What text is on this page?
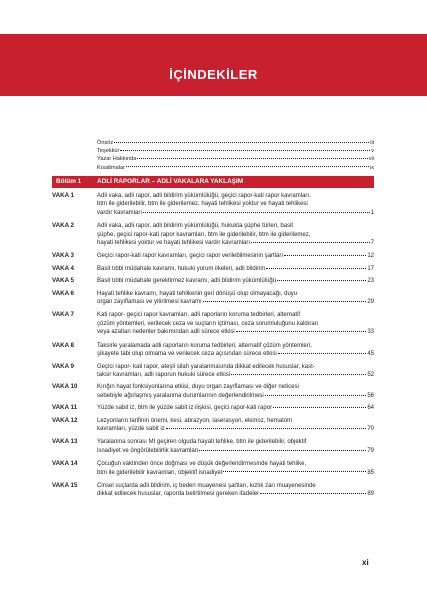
İÇİNDEKİLER
Önsöz	iii
Teşekkür	v
Yazar Hakkında	vii
Kısaltmalar	ix
Bölüm 1 ADLİ RAPORLAR – ADLİ VAKALARA YAKLAŞIM
VAKA 1	Adli vaka, adli rapor, adli bildirim yükümlülüğü, geçici rapor-kati rapor kavramları,
btm ile giderilebilir, btm ile giderilemez, hayati tehlikesi yoktur ve hayati tehlikesi
vardır kavramları	1
VAKA 2	Adli vaka, adli rapor, adli bildirim yükümlülüğü, hukukta şüphe türleri, basit
şüphe, geçici rapor-kati rapor kavramları, btm ile giderilebilir, btm ile giderilemez,
hayati tehlikesi yoktur ve hayati tehlikesi vardır kavramları	7
VAKA 3	Geçici rapor-kati rapor kavramları, geçici rapor verilebilmesinin şartları	12
VAKA 4	Basit tıbbi müdahale kavramı, hukuki yorum ilkeleri, adli bildirim	17
VAKA 5	Basit tıbbi müdahale gerektirmez kavramı, adli bildirim yükümlülüğü	23
VAKA 6	Hayati tehlike kavramı, hayati tehlikenin geri dönüşü olup olmayacağı, duyu
organ zayıflaması ve yitirilmesi kavramı	29
VAKA 7	Kati rapor- geçici rapor kavramları, adli raporların koruma tedbirleri, alternatif
çözüm yöntemleri, verilecek ceza ve suçların içtiması, ceza sorumluluğunu kaldıran
veya azaltan nedenler bakımından adli sürece etkisi	33
VAKA 8	Taksirle yaralamada adli raporların koruma tedbirleri, alternatif çözüm yöntemleri,
şikayete tabi olup olmama ve verilecek ceza açısından sürece etkisi	45
VAKA 9	Geçici rapor- kati rapor, ateşli silah yaralanmasında dikkat edilecek hususlar, kast-
taksir kavramları, adli raporun hukuki sürece etkisi	52
VAKA 10	Kırığın hayat fonksiyonlarına etkisi, duyu organ zayıflaması ve diğer neticesi
sebebiyle ağırlaşmış yaralanma durumlarının değerlendirilmesi	56
VAKA 11	Yüzde sabit iz, btm ile yüzde sabit iz ilişkisi, geçici rapor-kati rapor	64
VAKA 12	Lezyonların tarifinin önemi, kesi, abrazyon, laserasyon, ekimoz, hematom
kavramları, yüzde sabit iz	70
VAKA 13	Yaralanma sonrası MI geçiren olguda hayati tehlike, btm ile giderilebilir, objektif
isnadiyet ve öngörülebilirlik kavramları	79
VAKA 14	Çocuğun vaktinden önce doğması ve düşük değerlendirmesinde hayati tehlike,
btm ile giderilebilir kavramları, objektif isnadiyet	85
VAKA 15	Cinsel suçlarda adli bildirim, iç beden muayenesi şartları, kızlık zarı muayenesinde
dikkat edilecek hususlar, raporda belirtilmesi gereken ifadeler	89
xi
